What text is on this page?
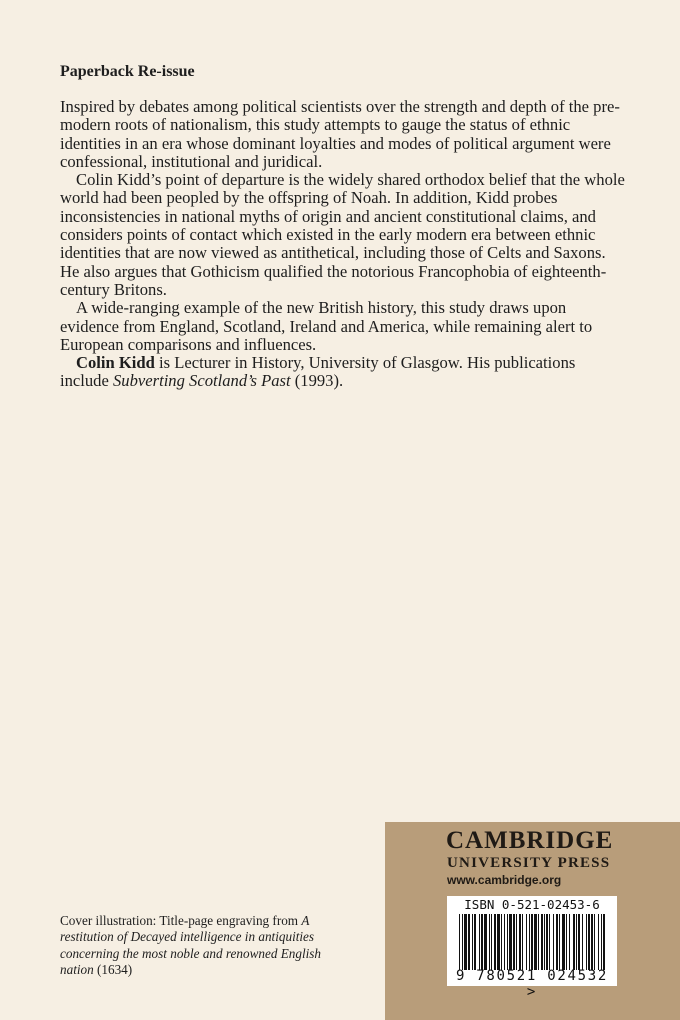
Paperback Re-issue

Inspired by debates among political scientists over the strength and depth of the pre-modern roots of nationalism, this study attempts to gauge the status of ethnic identities in an era whose dominant loyalties and modes of political argument were confessional, institutional and juridical.

Colin Kidd’s point of departure is the widely shared orthodox belief that the whole world had been peopled by the offspring of Noah. In addition, Kidd probes inconsistencies in national myths of origin and ancient constitutional claims, and considers points of contact which existed in the early modern era between ethnic identities that are now viewed as antithetical, including those of Celts and Saxons. He also argues that Gothicism qualified the notorious Francophobia of eighteenth-century Britons.

A wide-ranging example of the new British history, this study draws upon evidence from England, Scotland, Ireland and America, while remaining alert to European comparisons and influences.

Colin Kidd is Lecturer in History, University of Glasgow. His publications include Subverting Scotland’s Past (1993).

Cover illustration: Title-page engraving from A restitution of Decayed intelligence in antiquities concerning the most noble and renowned English nation (1634)
CAMBRIDGE
UNIVERSITY PRESS
www.cambridge.org
ISBN 0-521-02453-6
9 780521 024532 >
